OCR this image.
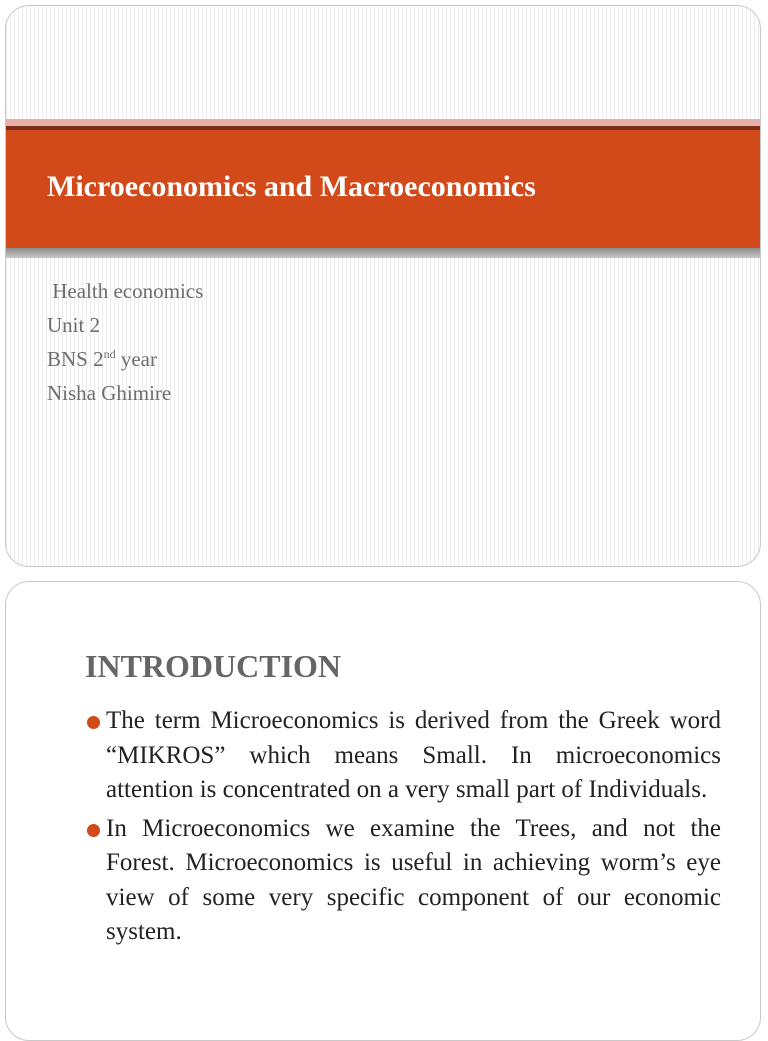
Microeconomics and Macroeconomics
Health economics
Unit 2
BNS 2nd year
Nisha Ghimire
INTRODUCTION
The term Microeconomics is derived from the Greek word “MIKROS” which means Small. In microeconomics attention is concentrated on a very small part of Individuals.
In Microeconomics we examine the Trees, and not the Forest. Microeconomics is useful in achieving worm’s eye view of some very specific component of our economic system.
